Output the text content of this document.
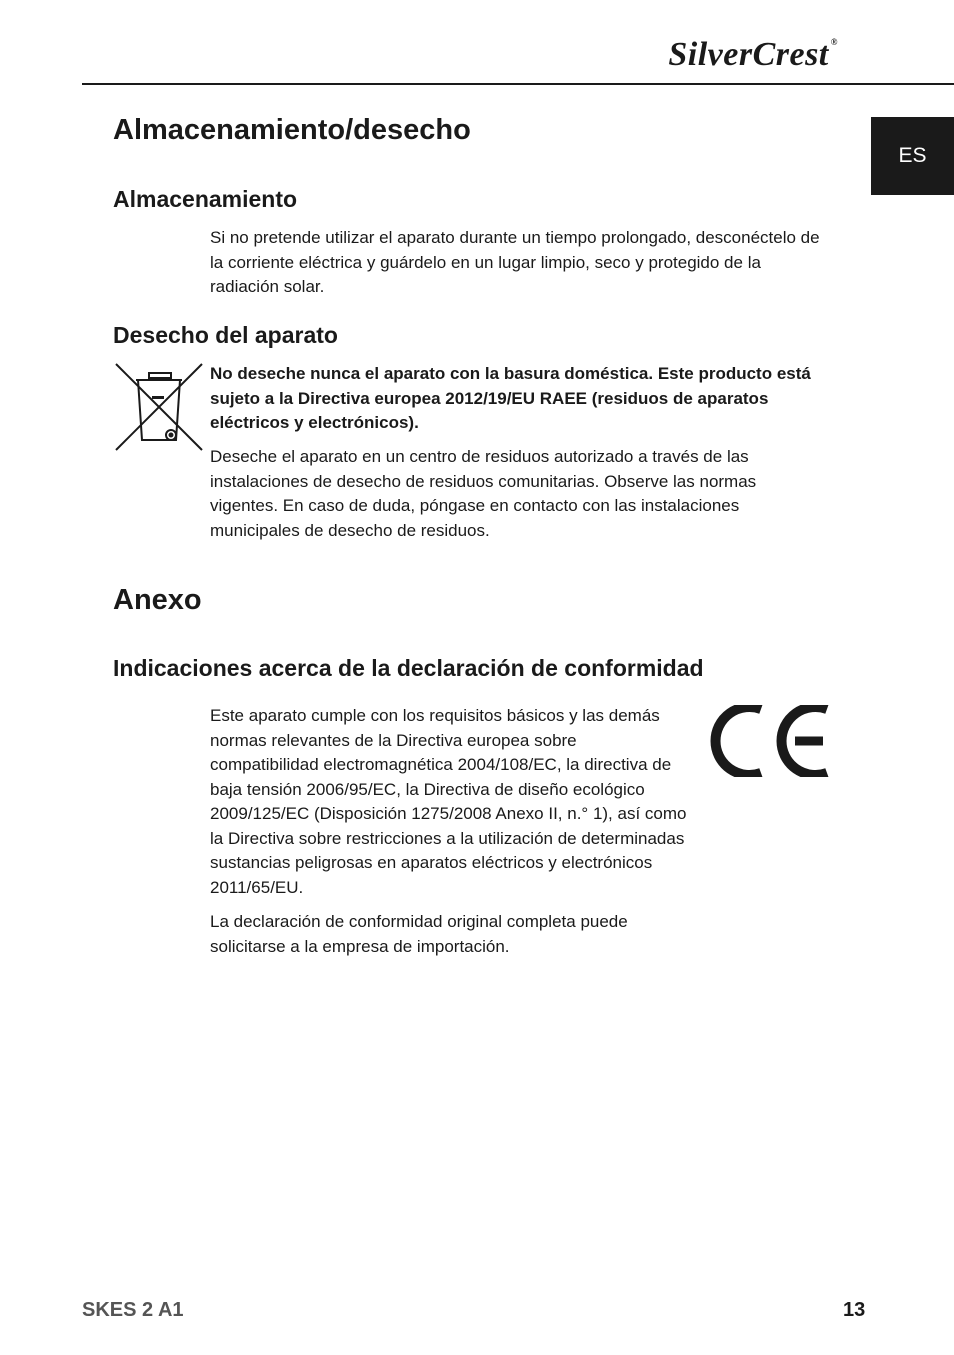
SilverCrest ®
ES
Almacenamiento/desecho
Almacenamiento

Si no pretende utilizar el aparato durante un tiempo prolongado, desconéctelo de la corriente eléctrica y guárdelo en un lugar limpio, seco y protegido de la radiación solar.

Desecho del aparato

No deseche nunca el aparato con la basura doméstica. Este producto está sujeto a la Directiva europea 2012/19/EU RAEE (residuos de aparatos eléctricos y electrónicos).

Deseche el aparato en un centro de residuos autorizado a través de las instalaciones de desecho de residuos comunitarias. Observe las normas vigentes. En caso de duda, póngase en contacto con las instalaciones municipales de desecho de residuos.

Anexo
Indicaciones acerca de la declaración de conformidad

Este aparato cumple con los requisitos básicos y las demás normas relevantes de la Directiva europea sobre compatibilidad electromagnética 2004/108/EC, la directiva de baja tensión 2006/95/EC, la Directiva de diseño ecológico 2009/125/EC (Disposición 1275/2008 Anexo II, n.° 1), así como la Directiva sobre restricciones a la utilización de determinadas sustancias peligrosas en aparatos eléctricos y electrónicos 2011/65/EU.

La declaración de conformidad original completa puede solicitarse a la empresa de importación.

SKES 2 A1	13
